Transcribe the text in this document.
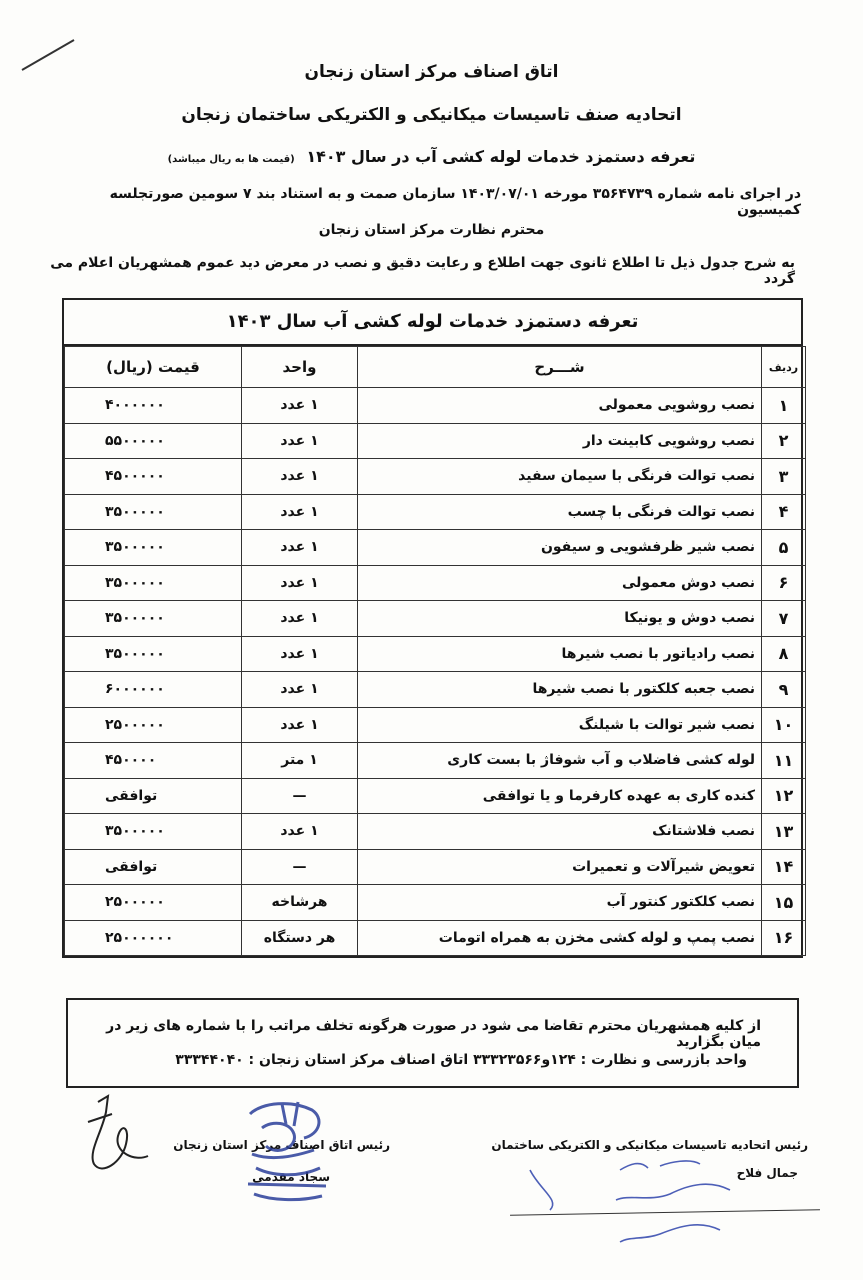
اتاق اصناف مرکز استان زنجان
اتحادیه صنف تاسیسات میکانیکی و الکتریکی ساختمان زنجان
تعرفه دستمزد خدمات لوله کشی آب در سال ۱۴۰۳ (قیمت ها به ریال میباشد)
در اجرای نامه شماره ۳۵۶۴۷۳۹ مورخه ۱۴۰۳/۰۷/۰۱ سازمان صمت و به استناد بند ۷ سومین صورتجلسه کمیسیون
محترم نظارت مرکز استان زنجان
به شرح جدول ذیل تا اطلاع ثانوی جهت اطلاع و رعایت دقیق و نصب در معرض دید عموم همشهریان اعلام می گردد
تعرفه دستمزد خدمات لوله کشی آب سال ۱۴۰۳
ردیف	شـــرح	واحد	قیمت (ریال)
۱	نصب روشویی معمولی	۱ عدد	۴۰۰۰۰۰۰
۲	نصب روشویی کابینت دار	۱ عدد	۵۵۰۰۰۰۰
۳	نصب توالت فرنگی با سیمان سفید	۱ عدد	۴۵۰۰۰۰۰
۴	نصب توالت فرنگی با چسب	۱ عدد	۳۵۰۰۰۰۰
۵	نصب شیر ظرفشویی و سیفون	۱ عدد	۳۵۰۰۰۰۰
۶	نصب دوش معمولی	۱ عدد	۳۵۰۰۰۰۰
۷	نصب دوش و یونیکا	۱ عدد	۳۵۰۰۰۰۰
۸	نصب رادیاتور با نصب شیرها	۱ عدد	۳۵۰۰۰۰۰
۹	نصب جعبه کلکتور با نصب شیرها	۱ عدد	۶۰۰۰۰۰۰
۱۰	نصب شیر توالت با شیلنگ	۱ عدد	۲۵۰۰۰۰۰
۱۱	لوله کشی فاضلاب و آب شوفاژ با بست کاری	۱ متر	۴۵۰۰۰۰
۱۲	کنده کاری به عهده کارفرما و یا توافقی	—	توافقی
۱۳	نصب فلاشتانک	۱ عدد	۳۵۰۰۰۰۰
۱۴	تعویض شیرآلات و تعمیرات	—	توافقی
۱۵	نصب کلکتور کنتور آب	هرشاخه	۲۵۰۰۰۰۰
۱۶	نصب پمپ و لوله کشی مخزن به همراه اتومات	هر دستگاه	۲۵۰۰۰۰۰۰
از کلیه همشهریان محترم تقاضا می شود در صورت هرگونه تخلف مراتب را با شماره های زیر در میان بگزارید
واحد بازرسی و نظارت : ۱۲۴و۳۳۳۲۳۵۶۶ اتاق اصناف مرکز استان زنجان : ۳۳۳۴۴۰۴۰
رئیس اتحادیه تاسیسات میکانیکی و الکتریکی ساختمان
جمال فلاح
رئیس اتاق اصناف مرکز استان زنجان
سجاد مقدمی
